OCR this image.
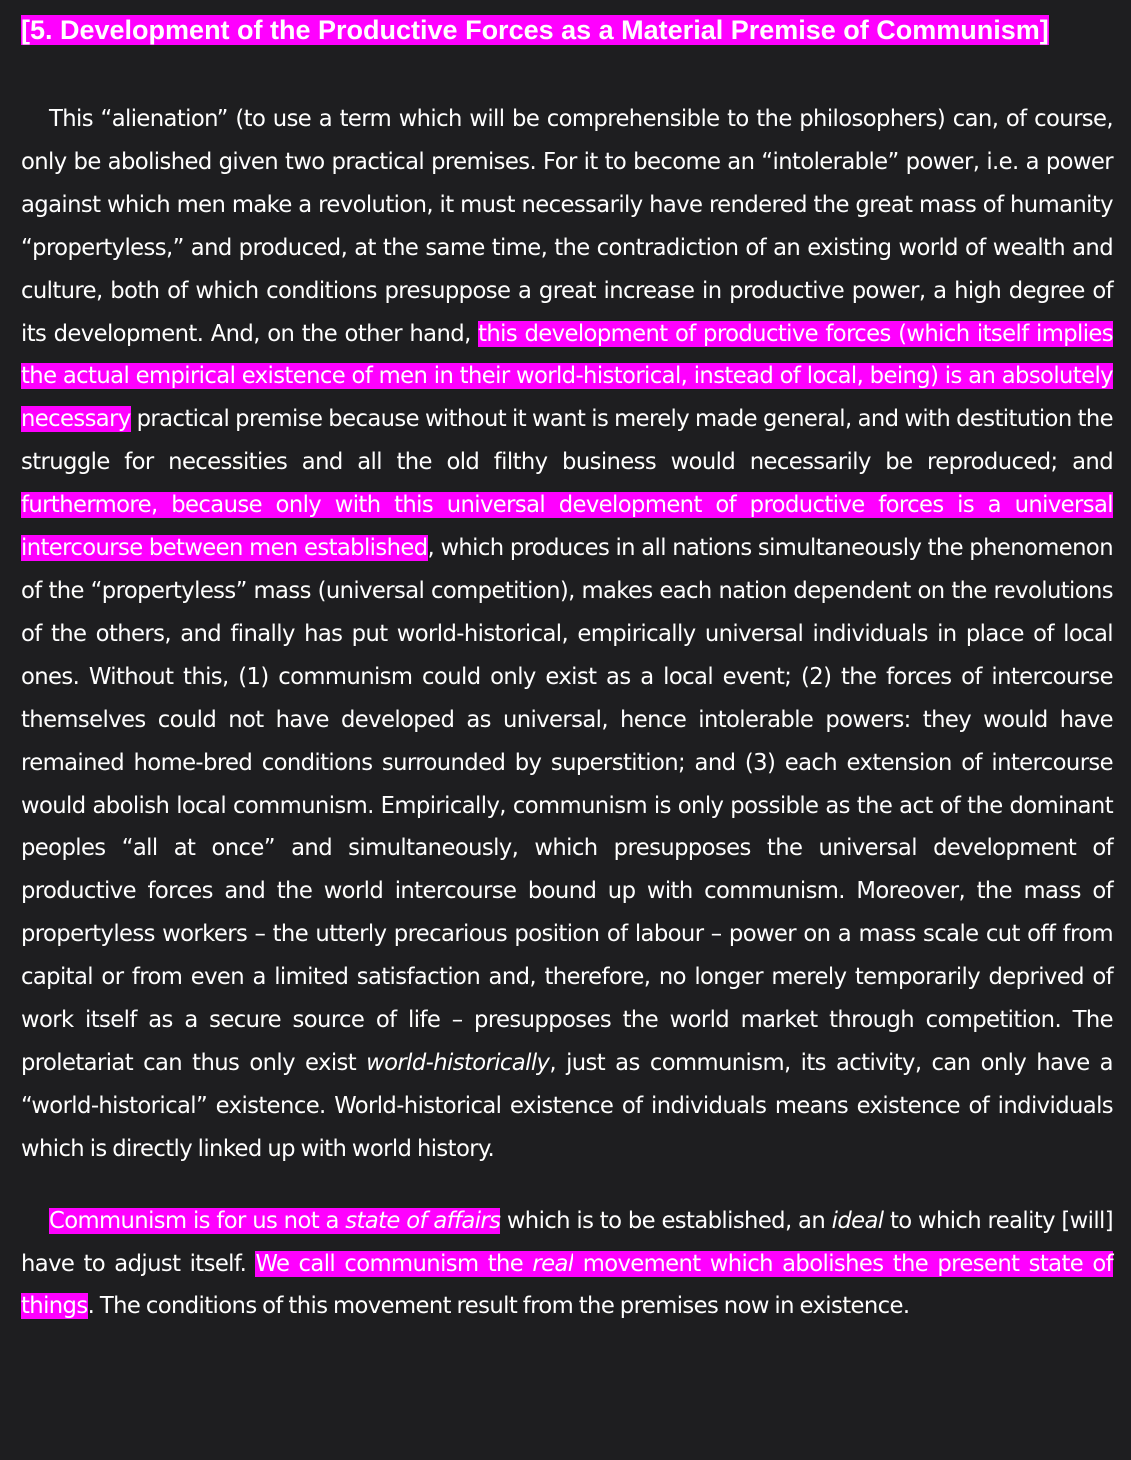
[5. Development of the Productive Forces as a Material Premise of Communism]

This “alienation” (to use a term which will be comprehensible to the philosophers) can, of course, only be abolished given two practical premises. For it to become an “intolerable” power, i.e. a power against which men make a revolution, it must necessarily have rendered the great mass of humanity “propertyless,” and produced, at the same time, the contradiction of an existing world of wealth and culture, both of which conditions presuppose a great increase in productive power, a high degree of its development. And, on the other hand, this development of productive forces (which itself implies the actual empirical existence of men in their world-historical, instead of local, being) is an absolutely necessary practical premise because without it want is merely made general, and with destitution the struggle for necessities and all the old filthy business would necessarily be reproduced; and furthermore, because only with this universal development of productive forces is a universal intercourse between men established, which produces in all nations simultaneously the phenomenon of the “propertyless” mass (universal competition), makes each nation dependent on the revolutions of the others, and finally has put world-historical, empirically universal individuals in place of local ones. Without this, (1) communism could only exist as a local event; (2) the forces of intercourse themselves could not have developed as universal, hence intolerable powers: they would have remained home-bred conditions surrounded by superstition; and (3) each extension of intercourse would abolish local communism. Empirically, communism is only possible as the act of the dominant peoples “all at once” and simultaneously, which presupposes the universal development of productive forces and the world intercourse bound up with communism. Moreover, the mass of propertyless workers – the utterly precarious position of labour – power on a mass scale cut off from capital or from even a limited satisfaction and, therefore, no longer merely temporarily deprived of work itself as a secure source of life – presupposes the world market through competition. The proletariat can thus only exist world-historically, just as communism, its activity, can only have a “world-historical” existence. World-historical existence of individuals means existence of individuals which is directly linked up with world history.

Communism is for us not a state of affairs which is to be established, an ideal to which reality [will] have to adjust itself. We call communism the real movement which abolishes the present state of things. The conditions of this movement result from the premises now in existence.
